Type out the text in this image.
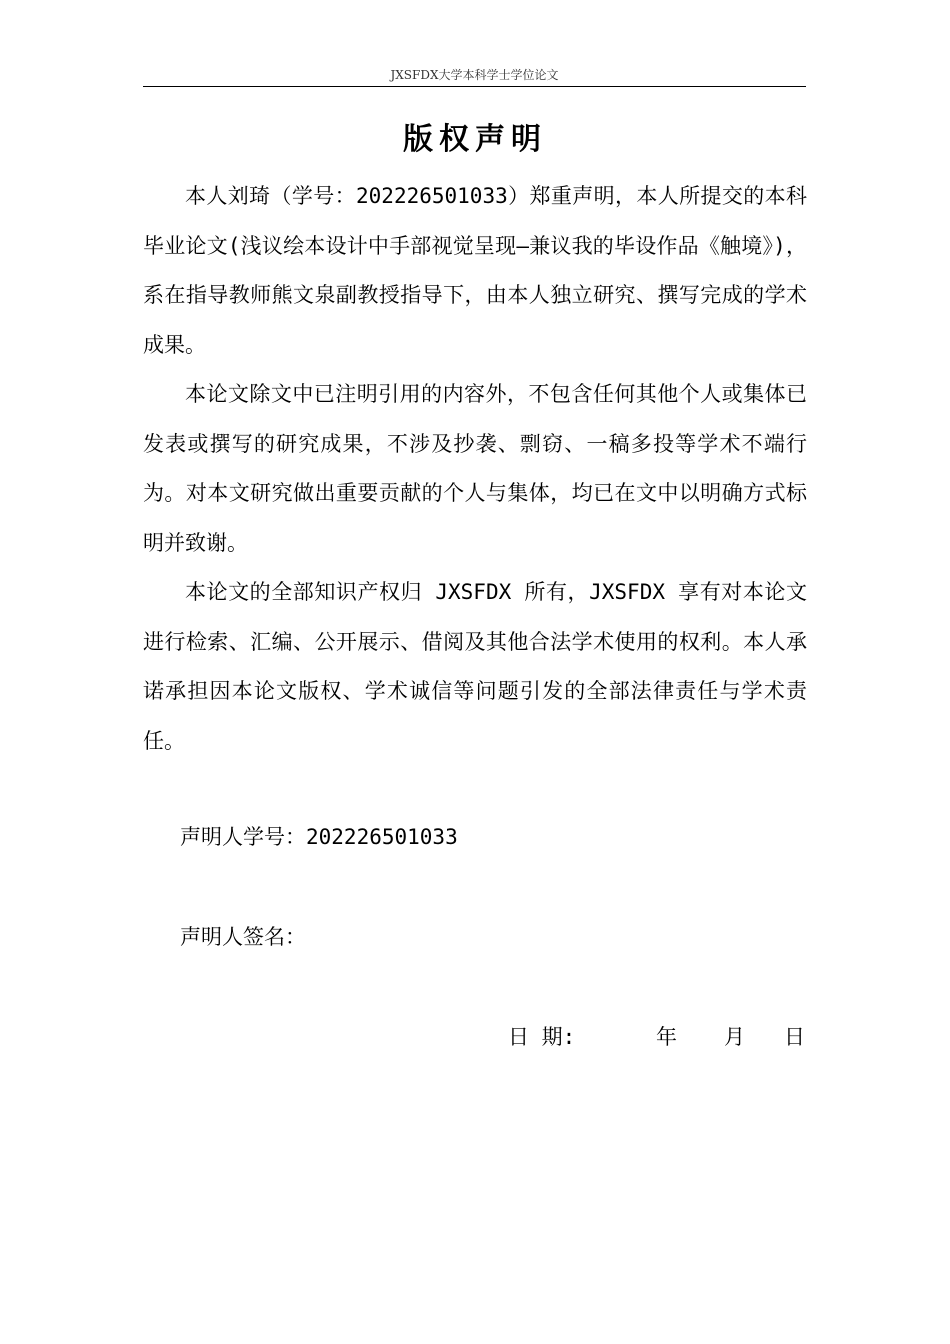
JXSFDX大学本科学士学位论文
版权声明

本人刘琦（学号：202226501033）郑重声明，本人所提交的本科毕业论文(浅议绘本设计中手部视觉呈现—兼议我的毕设作品《触境》)，系在指导教师熊文泉副教授指导下，由本人独立研究、撰写完成的学术成果。

本论文除文中已注明引用的内容外，不包含任何其他个人或集体已发表或撰写的研究成果，不涉及抄袭、剽窃、一稿多投等学术不端行为。对本文研究做出重要贡献的个人与集体，均已在文中以明确方式标明并致谢。

本论文的全部知识产权归 JXSFDX 所有，JXSFDX 享有对本论文进行检索、汇编、公开展示、借阅及其他合法学术使用的权利。本人承诺承担因本论文版权、学术诚信等问题引发的全部法律责任与学术责任。

声明人学号：202226501033
声明人签名：

日 期:

	年

月

日
